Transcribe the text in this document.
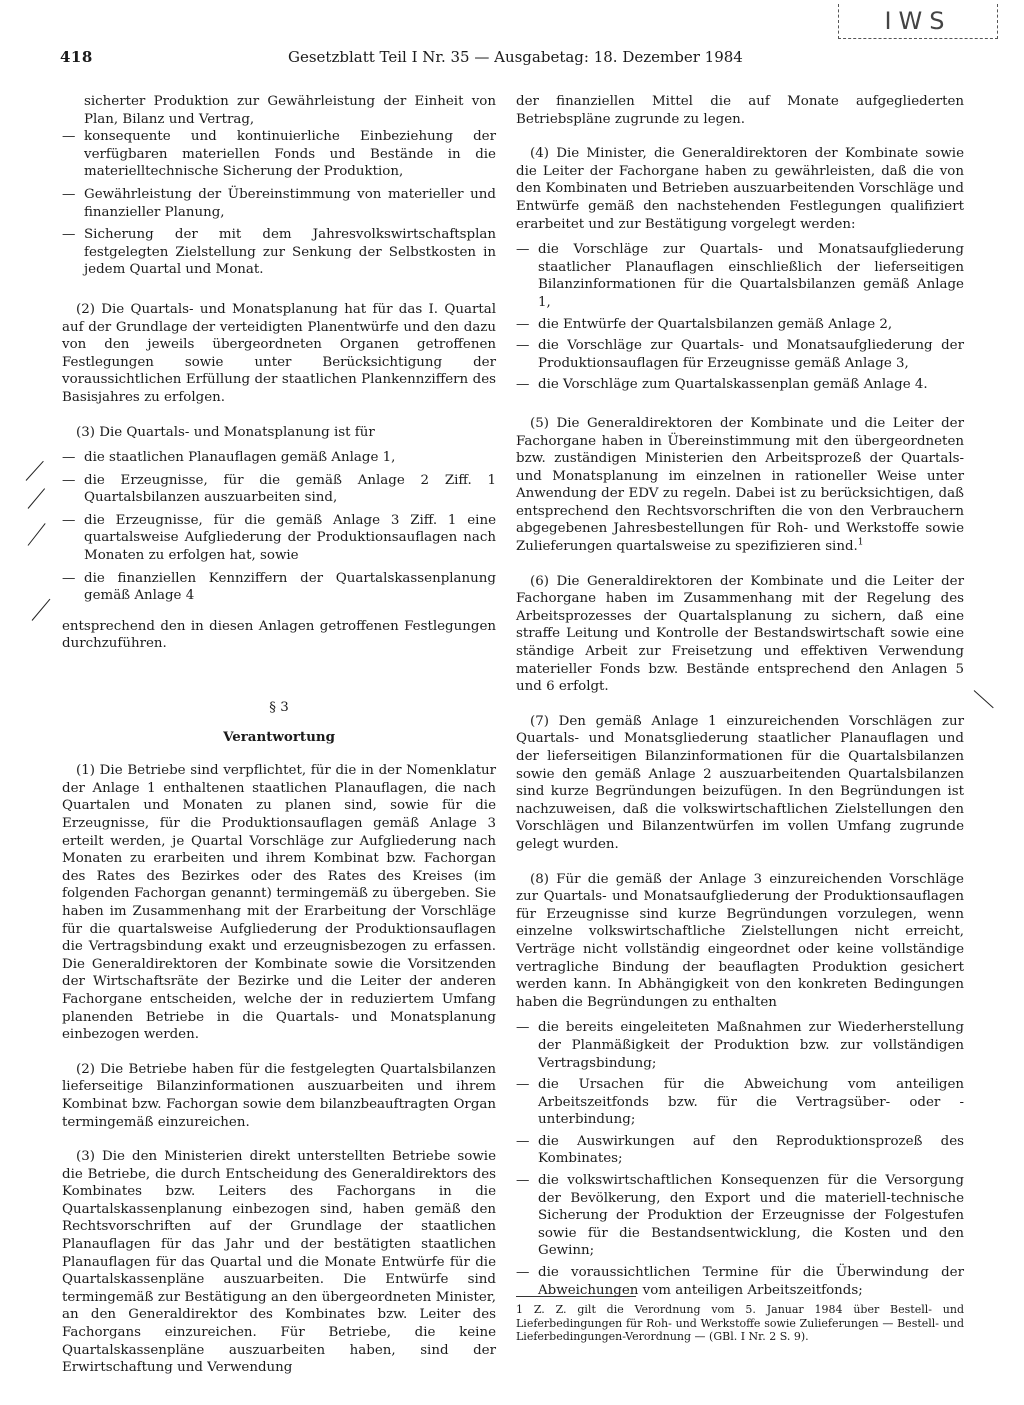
418	Gesetzblatt Teil I Nr. 35 — Ausgabetag: 18. Dezember 1984
IWS

sicherter Produktion zur Gewährleistung der Einheit von Plan, Bilanz und Vertrag,

— konsequente und kontinuierliche Einbeziehung der verfügbaren materiellen Fonds und Bestände in die materielltechnische Sicherung der Produktion,
— Gewährleistung der Übereinstimmung von materieller und finanzieller Planung,
— Sicherung der mit dem Jahresvolkswirtschaftsplan festgelegten Zielstellung zur Senkung der Selbstkosten in jedem Quartal und Monat.

(2) Die Quartals- und Monatsplanung hat für das I. Quartal auf der Grundlage der verteidigten Planentwürfe und den dazu von den jeweils übergeordneten Organen getroffenen Festlegungen sowie unter Berücksichtigung der voraussichtlichen Erfüllung der staatlichen Plankennziffern des Basisjahres zu erfolgen.

(3) Die Quartals- und Monatsplanung ist für

— die staatlichen Planauflagen gemäß Anlage 1,
— die Erzeugnisse, für die gemäß Anlage 2 Ziff. 1 Quartalsbilanzen auszuarbeiten sind,
— die Erzeugnisse, für die gemäß Anlage 3 Ziff. 1 eine quartalsweise Aufgliederung der Produktionsauflagen nach Monaten zu erfolgen hat, sowie
— die finanziellen Kennziffern der Quartalskassenplanung gemäß Anlage 4

entsprechend den in diesen Anlagen getroffenen Festlegungen durchzuführen.

§ 3

Verantwortung

(1) Die Betriebe sind verpflichtet, für die in der Nomenklatur der Anlage 1 enthaltenen staatlichen Planauflagen, die nach Quartalen und Monaten zu planen sind, sowie für die Erzeugnisse, für die Produktionsauflagen gemäß Anlage 3 erteilt werden, je Quartal Vorschläge zur Aufgliederung nach Monaten zu erarbeiten und ihrem Kombinat bzw. Fachorgan des Rates des Bezirkes oder des Rates des Kreises (im folgenden Fachorgan genannt) termingemäß zu übergeben. Sie haben im Zusammenhang mit der Erarbeitung der Vorschläge für die quartalsweise Aufgliederung der Produktionsauflagen die Vertragsbindung exakt und erzeugnisbezogen zu erfassen. Die Generaldirektoren der Kombinate sowie die Vorsitzenden der Wirtschaftsräte der Bezirke und die Leiter der anderen Fachorgane entscheiden, welche der in reduziertem Umfang planenden Betriebe in die Quartals- und Monatsplanung einbezogen werden.

(2) Die Betriebe haben für die festgelegten Quartalsbilanzen lieferseitige Bilanzinformationen auszuarbeiten und ihrem Kombinat bzw. Fachorgan sowie dem bilanzbeauftragten Organ termingemäß einzureichen.

(3) Die den Ministerien direkt unterstellten Betriebe sowie die Betriebe, die durch Entscheidung des Generaldirektors des Kombinates bzw. Leiters des Fachorgans in die Quartalskassenplanung einbezogen sind, haben gemäß den Rechtsvorschriften auf der Grundlage der staatlichen Planauflagen für das Jahr und der bestätigten staatlichen Planauflagen für das Quartal und die Monate Entwürfe für die Quartalskassenpläne auszuarbeiten. Die Entwürfe sind termingemäß zur Bestätigung an den übergeordneten Minister, an den Generaldirektor des Kombinates bzw. Leiter des Fachorgans einzureichen. Für Betriebe, die keine Quartalskassenpläne auszuarbeiten haben, sind der Erwirtschaftung und Verwendung

der finanziellen Mittel die auf Monate aufgegliederten Betriebspläne zugrunde zu legen.

(4) Die Minister, die Generaldirektoren der Kombinate sowie die Leiter der Fachorgane haben zu gewährleisten, daß die von den Kombinaten und Betrieben auszuarbeitenden Vorschläge und Entwürfe gemäß den nachstehenden Festlegungen qualifiziert erarbeitet und zur Bestätigung vorgelegt werden:

— die Vorschläge zur Quartals- und Monatsaufgliederung staatlicher Planauflagen einschließlich der lieferseitigen Bilanzinformationen für die Quartalsbilanzen gemäß Anlage 1,
— die Entwürfe der Quartalsbilanzen gemäß Anlage 2,
— die Vorschläge zur Quartals- und Monatsaufgliederung der Produktionsauflagen für Erzeugnisse gemäß Anlage 3,
— die Vorschläge zum Quartalskassenplan gemäß Anlage 4.

(5) Die Generaldirektoren der Kombinate und die Leiter der Fachorgane haben in Übereinstimmung mit den übergeordneten bzw. zuständigen Ministerien den Arbeitsprozeß der Quartals- und Monatsplanung im einzelnen in rationeller Weise unter Anwendung der EDV zu regeln. Dabei ist zu berücksichtigen, daß entsprechend den Rechtsvorschriften die von den Verbrauchern abgegebenen Jahresbestellungen für Roh- und Werkstoffe sowie Zulieferungen quartalsweise zu spezifizieren sind.$^1$

(6) Die Generaldirektoren der Kombinate und die Leiter der Fachorgane haben im Zusammenhang mit der Regelung des Arbeitsprozesses der Quartalsplanung zu sichern, daß eine straffe Leitung und Kontrolle der Bestandswirtschaft sowie eine ständige Arbeit zur Freisetzung und effektiven Verwendung materieller Fonds bzw. Bestände entsprechend den Anlagen 5 und 6 erfolgt.

(7) Den gemäß Anlage 1 einzureichenden Vorschlägen zur Quartals- und Monatsgliederung staatlicher Planauflagen und der lieferseitigen Bilanzinformationen für die Quartalsbilanzen sowie den gemäß Anlage 2 auszuarbeitenden Quartalsbilanzen sind kurze Begründungen beizufügen. In den Begründungen ist nachzuweisen, daß die volkswirtschaftlichen Zielstellungen den Vorschlägen und Bilanzentwürfen im vollen Umfang zugrunde gelegt wurden.

(8) Für die gemäß der Anlage 3 einzureichenden Vorschläge zur Quartals- und Monatsaufgliederung der Produktionsauflagen für Erzeugnisse sind kurze Begründungen vorzulegen, wenn einzelne volkswirtschaftliche Zielstellungen nicht erreicht, Verträge nicht vollständig eingeordnet oder keine vollständige vertragliche Bindung der beauflagten Produktion gesichert werden kann. In Abhängigkeit von den konkreten Bedingungen haben die Begründungen zu enthalten

— die bereits eingeleiteten Maßnahmen zur Wiederherstellung der Planmäßigkeit der Produktion bzw. zur vollständigen Vertragsbindung;
— die Ursachen für die Abweichung vom anteiligen Arbeitszeitfonds bzw. für die Vertragsüber- oder -unterbindung;
— die Auswirkungen auf den Reproduktionsprozeß des Kombinates;
— die volkswirtschaftlichen Konsequenzen für die Versorgung der Bevölkerung, den Export und die materiell-technische Sicherung der Produktion der Erzeugnisse der Folgestufen sowie für die Bestandsentwicklung, die Kosten und den Gewinn;
— die voraussichtlichen Termine für die Überwindung der Abweichungen vom anteiligen Arbeitszeitfonds;
1 Z. Z. gilt die Verordnung vom 5. Januar 1984 über Bestell- und Lieferbedingungen für Roh- und Werkstoffe sowie Zulieferungen — Bestell- und Lieferbedingungen-Verordnung — (GBl. I Nr. 2 S. 9).
